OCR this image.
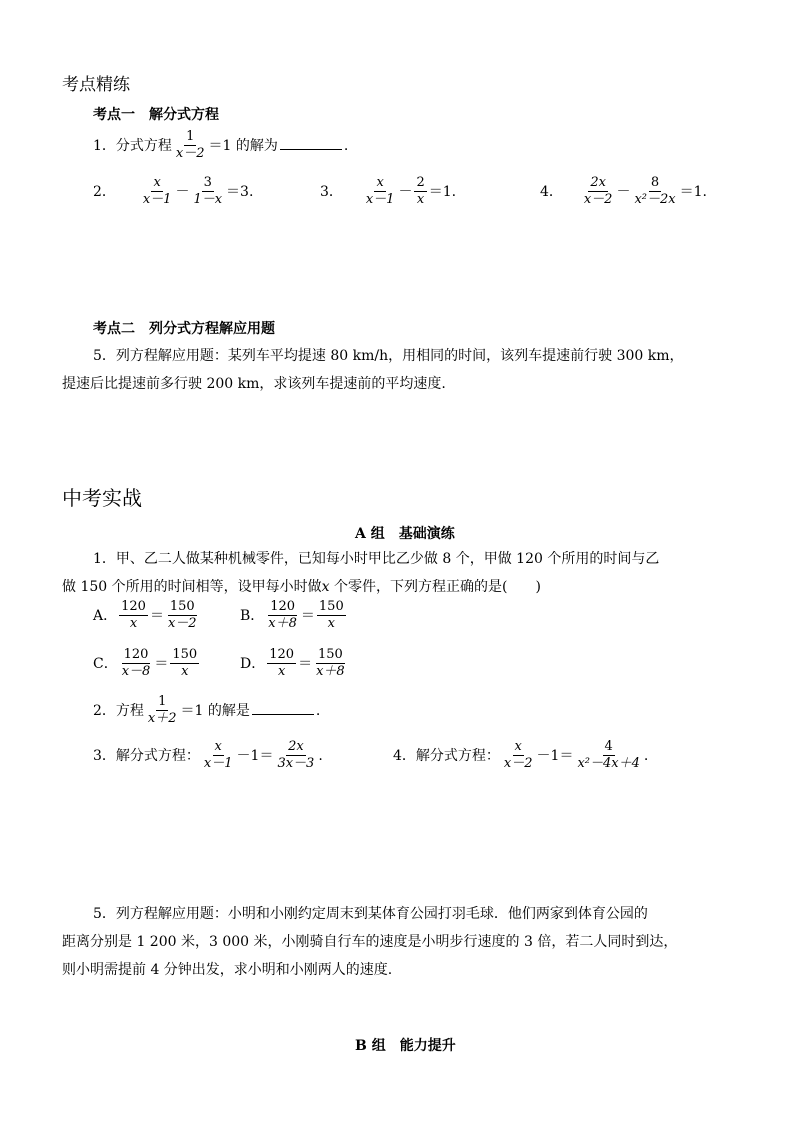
考点精练
考点一　解分式方程
1．分式方程 $\frac{1}{x-2} =1$ 的解为	.
2． $\frac{x}{x-1} - \frac{3}{1-x} =3$.	3． $\frac{x}{x-1} - \frac{2}{x} =1$.	4． $\frac{2x}{x-2} - \frac{8}{\text{x²－2x}} =1$.
考点二　列分式方程解应用题
5．列方程解应用题：某列车平均提速 80 km/h，用相同的时间，该列车提速前行驶 300 km，
提速后比提速前多行驶 200 km，求该列车提速前的平均速度.
中考实战
A 组　基础演练
1．甲、乙二人做某种机械零件，已知每小时甲比乙少做 8 个，甲做 120 个所用的时间与乙
做 150 个所用的时间相等，设甲每小时做x 个零件，下列方程正确的是(　　)
A． $\frac{120}{x} = \frac{150}{x-2}$	B． $\frac{120}{x+8} = \frac{150}{x}$
C． $\frac{120}{x-8} = \frac{150}{x}$	D． $\frac{120}{x} = \frac{150}{x+8}$
2．方程 $\frac{1}{x+2} =1$ 的解是	.
3．解分式方程： $\frac{x}{x-1} -1= \frac{2x}{3x-3}$ .	4．解分式方程： $\frac{x}{x-2} -1= \frac{4}{\text{x²－4x＋4}}$ .
5．列方程解应用题：小明和小刚约定周末到某体育公园打羽毛球．他们两家到体育公园的
距离分别是 1 200 米，3 000 米，小刚骑自行车的速度是小明步行速度的 3 倍，若二人同时到达，
则小明需提前 4 分钟出发，求小明和小刚两人的速度.
B 组　能力提升
